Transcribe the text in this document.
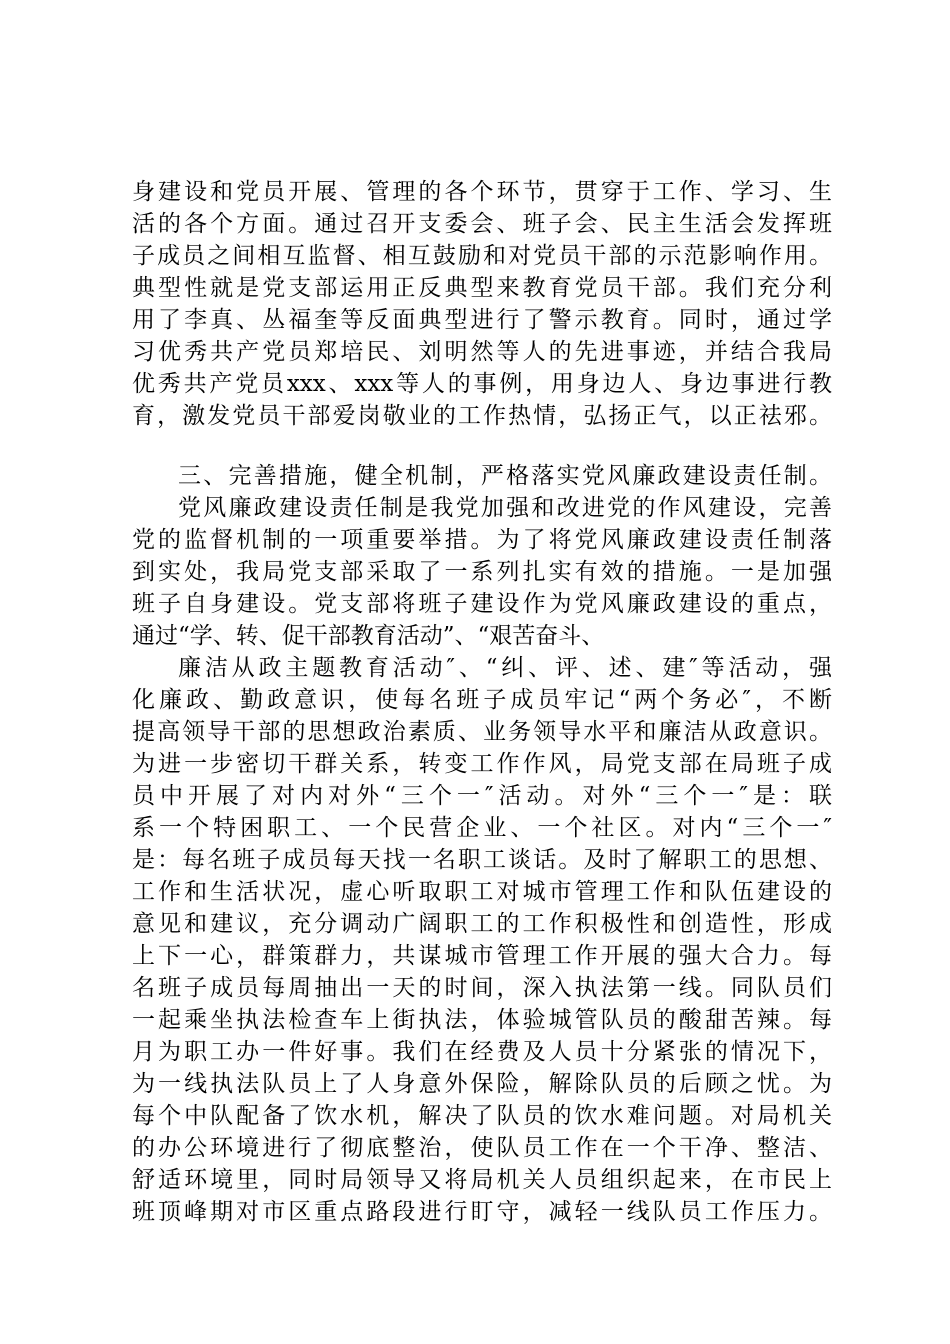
身建设和党员开展、管理的各个环节，贯穿于工作、学习、生
活的各个方面。通过召开支委会、班子会、民主生活会发挥班
子成员之间相互监督、相互鼓励和对党员干部的示范影响作用。
典型性就是党支部运用正反典型来教育党员干部。我们充分利
用了李真、丛福奎等反面典型进行了警示教育。同时，通过学
习优秀共产党员郑培民、刘明然等人的先进事迹，并结合我局
优秀共产党员xxx、xxx等人的事例，用身边人、身边事进行教
育，激发党员干部爱岗敬业的工作热情，弘扬正气，以正祛邪。
三、完善措施，健全机制，严格落实党风廉政建设责任制。
党风廉政建设责任制是我党加强和改进党的作风建设，完善
党的监督机制的一项重要举措。为了将党风廉政建设责任制落
到实处，我局党支部采取了一系列扎实有效的措施。一是加强
班子自身建设。党支部将班子建设作为党风廉政建设的重点，
通过“学、转、促干部教育活动”、“艰苦奋斗、
廉洁从政主题教育活动″、“纠、评、述、建″等活动，强
化廉政、勤政意识，使每名班子成员牢记“两个务必″，不断
提高领导干部的思想政治素质、业务领导水平和廉洁从政意识。
为进一步密切干群关系，转变工作作风，局党支部在局班子成
员中开展了对内对外“三个一″活动。对外“三个一″是：联
系一个特困职工、一个民营企业、一个社区。对内“三个一″
是：每名班子成员每天找一名职工谈话。及时了解职工的思想、
工作和生活状况，虚心听取职工对城市管理工作和队伍建设的
意见和建议，充分调动广阔职工的工作积极性和创造性，形成
上下一心，群策群力，共谋城市管理工作开展的强大合力。每
名班子成员每周抽出一天的时间，深入执法第一线。同队员们
一起乘坐执法检查车上街执法，体验城管队员的酸甜苦辣。每
月为职工办一件好事。我们在经费及人员十分紧张的情况下，
为一线执法队员上了人身意外保险，解除队员的后顾之忧。为
每个中队配备了饮水机，解决了队员的饮水难问题。对局机关
的办公环境进行了彻底整治，使队员工作在一个干净、整洁、
舒适环境里，同时局领导又将局机关人员组织起来，在市民上
班顶峰期对市区重点路段进行盯守，减轻一线队员工作压力。
